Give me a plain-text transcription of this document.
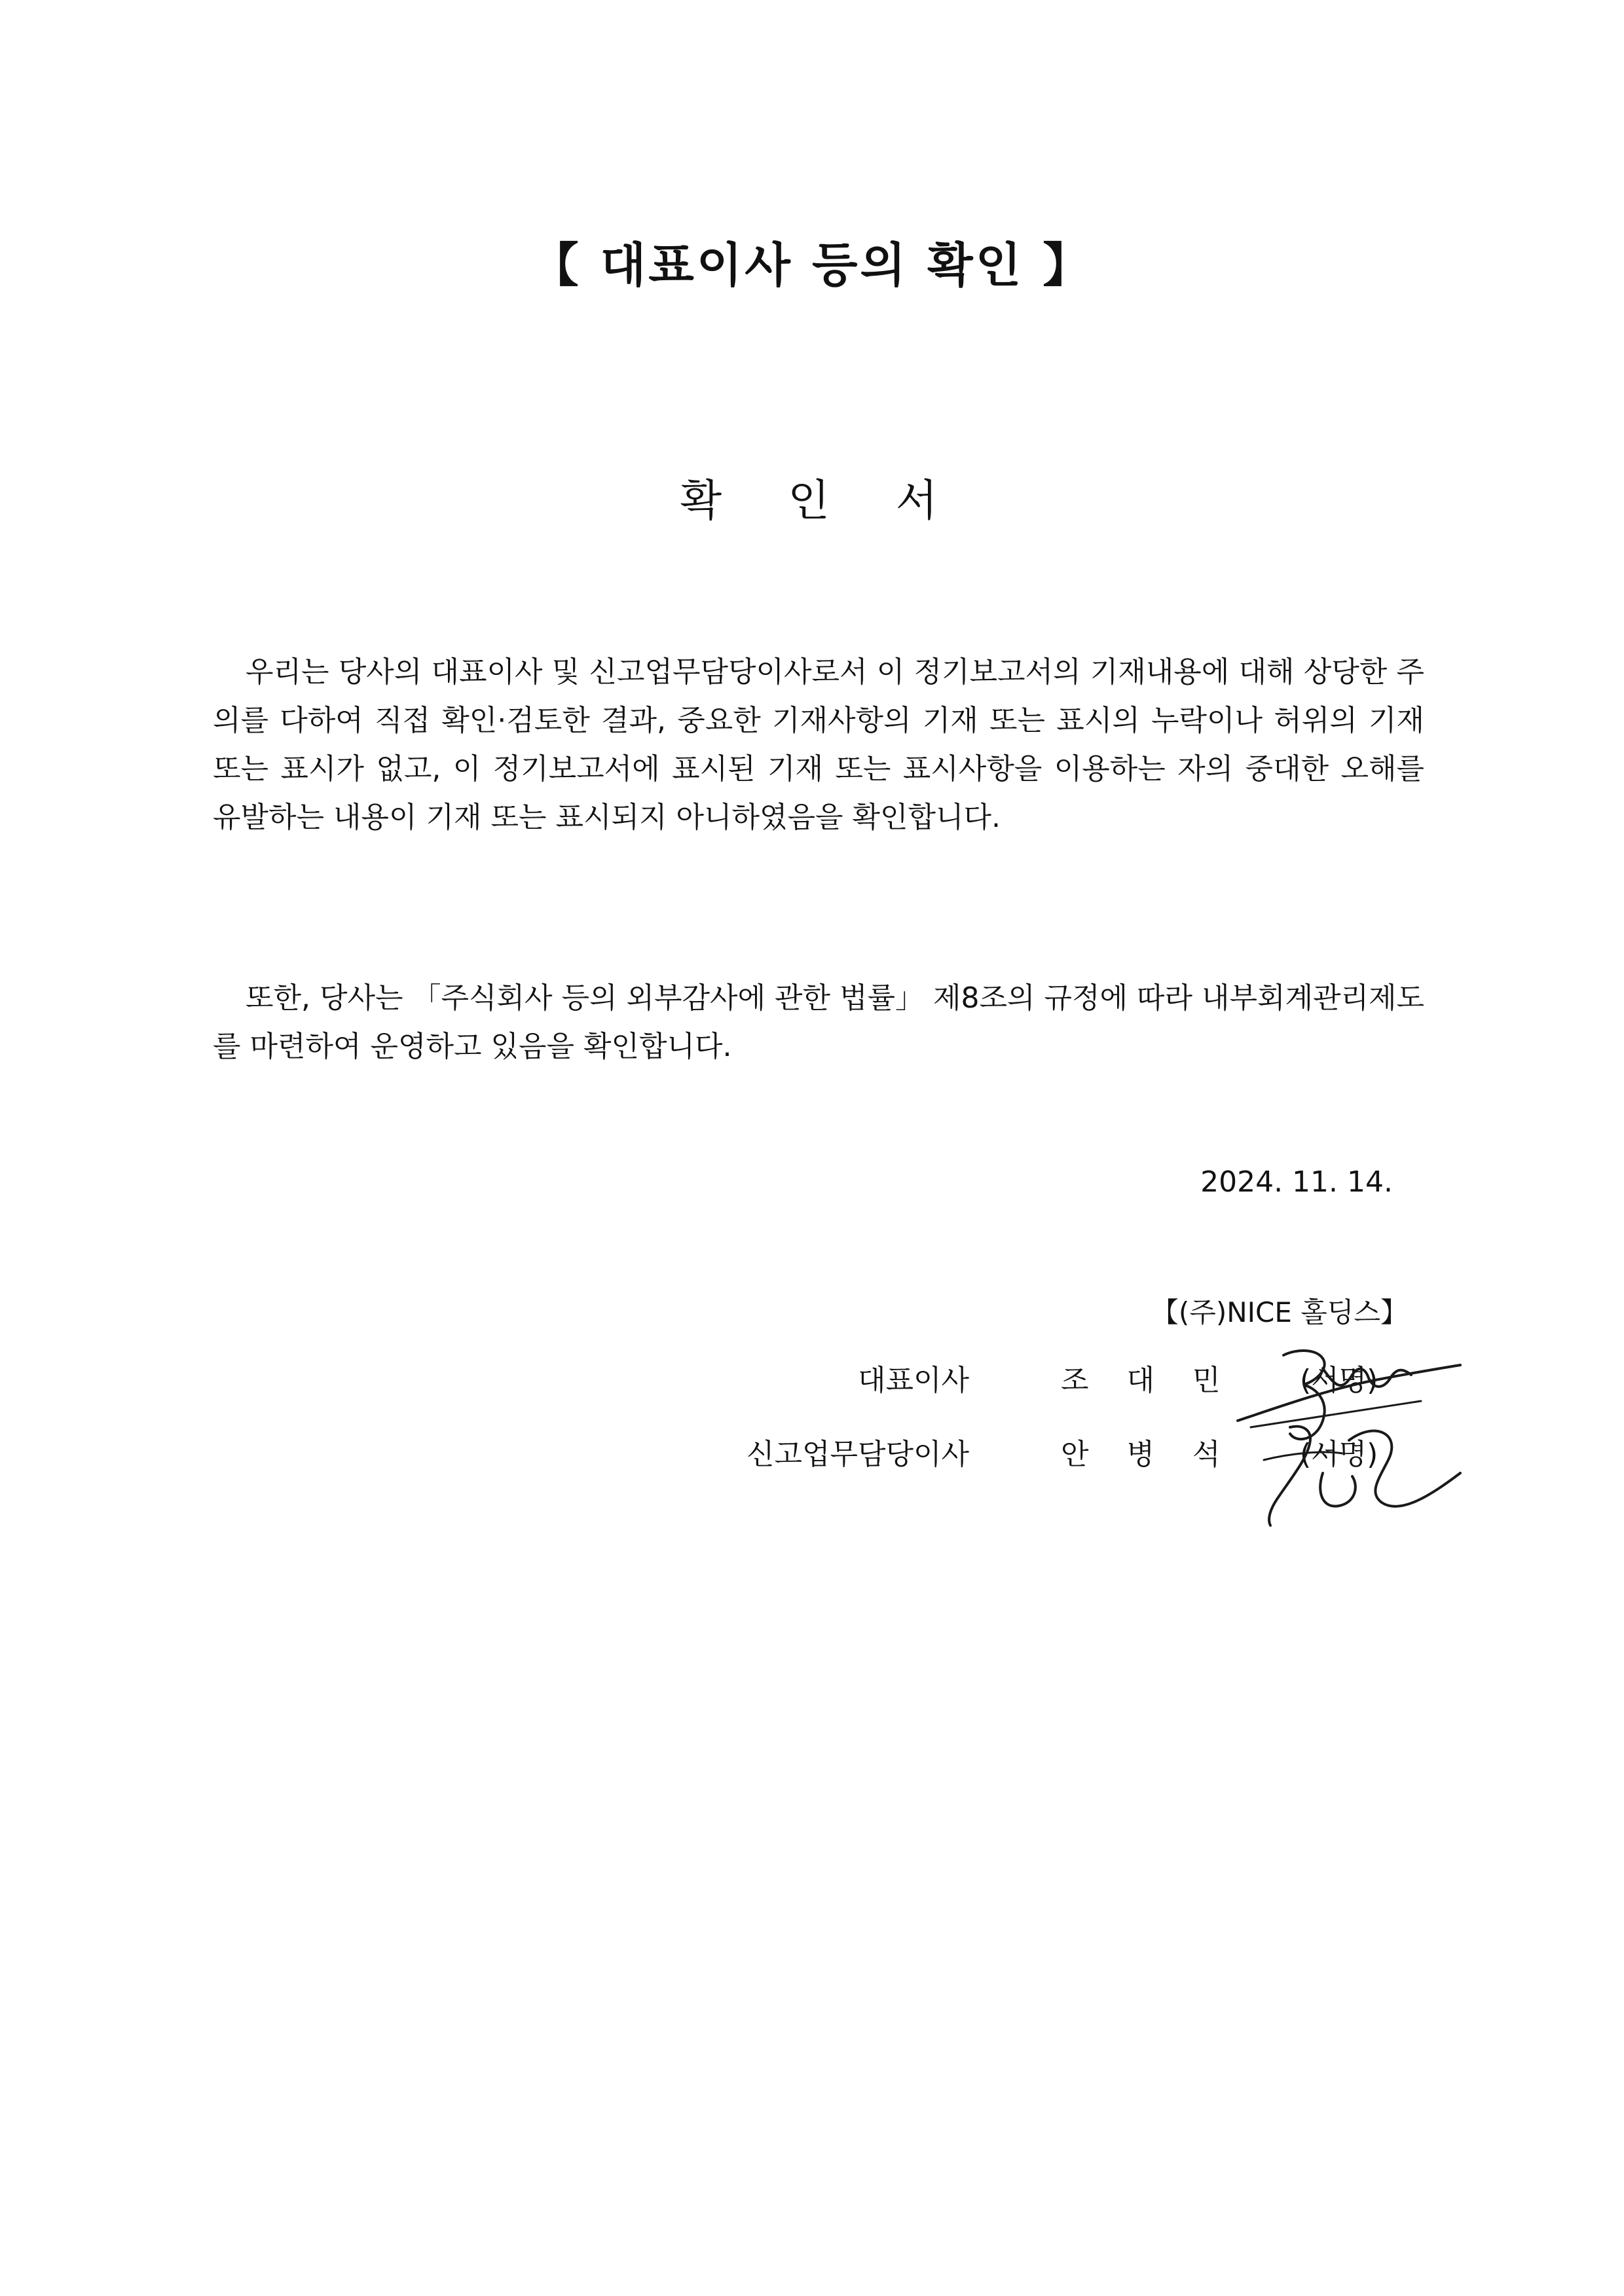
【 대표이사 등의 확인 】
확 인 서

우리는 당사의 대표이사 및 신고업무담당이사로서 이 정기보고서의 기재내용에 대해 상당한 주의를 다하여 직접 확인·검토한 결과, 중요한 기재사항의 기재 또는 표시의 누락이나 허위의 기재 또는 표시가 없고, 이 정기보고서에 표시된 기재 또는 표시사항을 이용하는 자의 중대한 오해를 유발하는 내용이 기재 또는 표시되지 아니하였음을 확인합니다.

또한, 당사는 「주식회사 등의 외부감사에 관한 법률」 제8조의 규정에 따라 내부회계관리제도를 마련하여 운영하고 있음을 확인합니다.

2024. 11. 14.
【(주)NICE 홀딩스】
대표이사	조 대 민 (서명)
신고업무담당이사	안 병 석 (서명)
